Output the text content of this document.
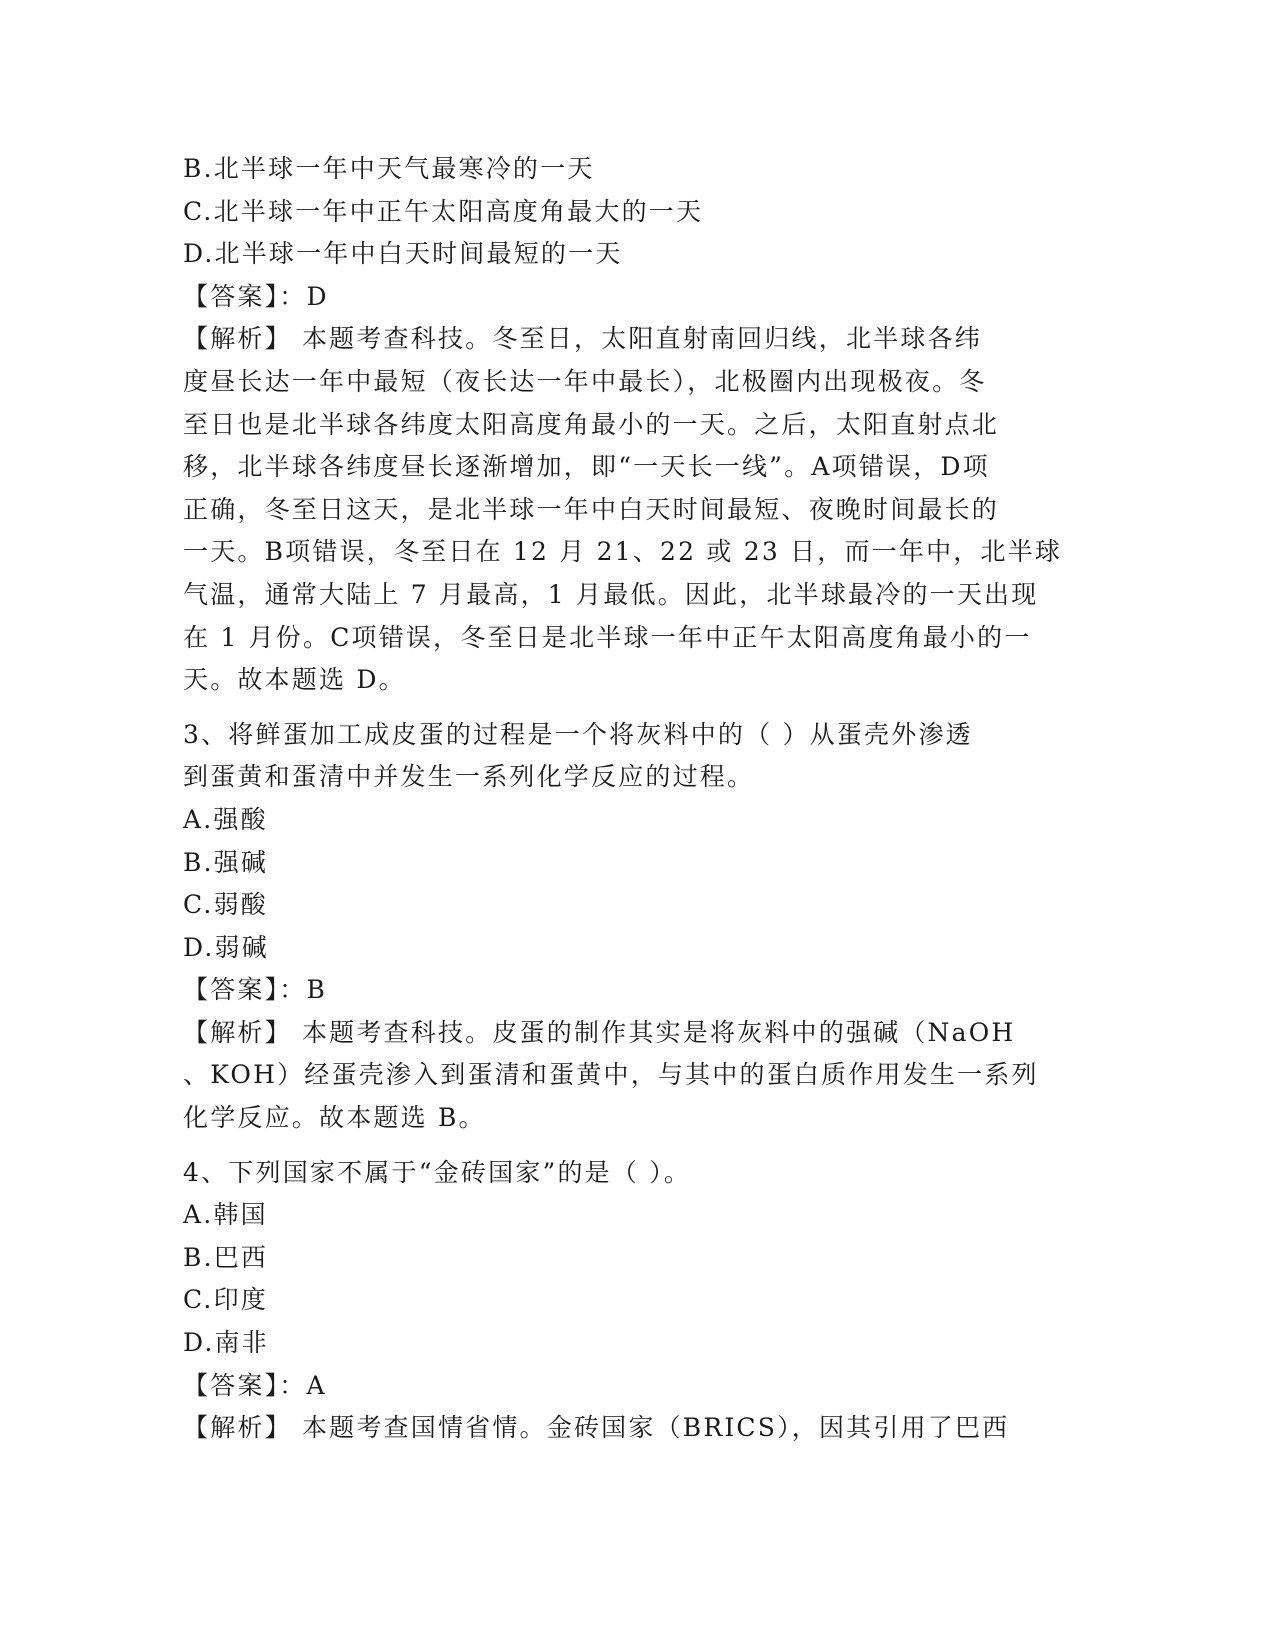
B.北半球一年中天气最寒冷的一天

C.北半球一年中正午太阳高度角最大的一天

D.北半球一年中白天时间最短的一天

【答案】：D

【解析】 本题考查科技。冬至日，太阳直射南回归线，北半球各纬

度昼长达一年中最短（夜长达一年中最长），北极圈内出现极夜。冬

至日也是北半球各纬度太阳高度角最小的一天。之后，太阳直射点北

移，北半球各纬度昼长逐渐增加，即“一天长一线”。A项错误，D项

正确，冬至日这天，是北半球一年中白天时间最短、夜晚时间最长的

一天。B项错误，冬至日在 12 月 21、22 或 23 日，而一年中，北半球

气温，通常大陆上 7 月最高，1 月最低。因此，北半球最冷的一天出现

在 1 月份。C项错误，冬至日是北半球一年中正午太阳高度角最小的一

天。故本题选 D。

3、将鲜蛋加工成皮蛋的过程是一个将灰料中的（ ）从蛋壳外渗透

到蛋黄和蛋清中并发生一系列化学反应的过程。

A.强酸

B.强碱

C.弱酸

D.弱碱

【答案】：B

【解析】 本题考查科技。皮蛋的制作其实是将灰料中的强碱（NaOH

、KOH）经蛋壳渗入到蛋清和蛋黄中，与其中的蛋白质作用发生一系列

化学反应。故本题选 B。

4、下列国家不属于“金砖国家”的是（ ）。

A.韩国

B.巴西

C.印度

D.南非

【答案】：A

【解析】 本题考查国情省情。金砖国家（BRICS），因其引用了巴西
